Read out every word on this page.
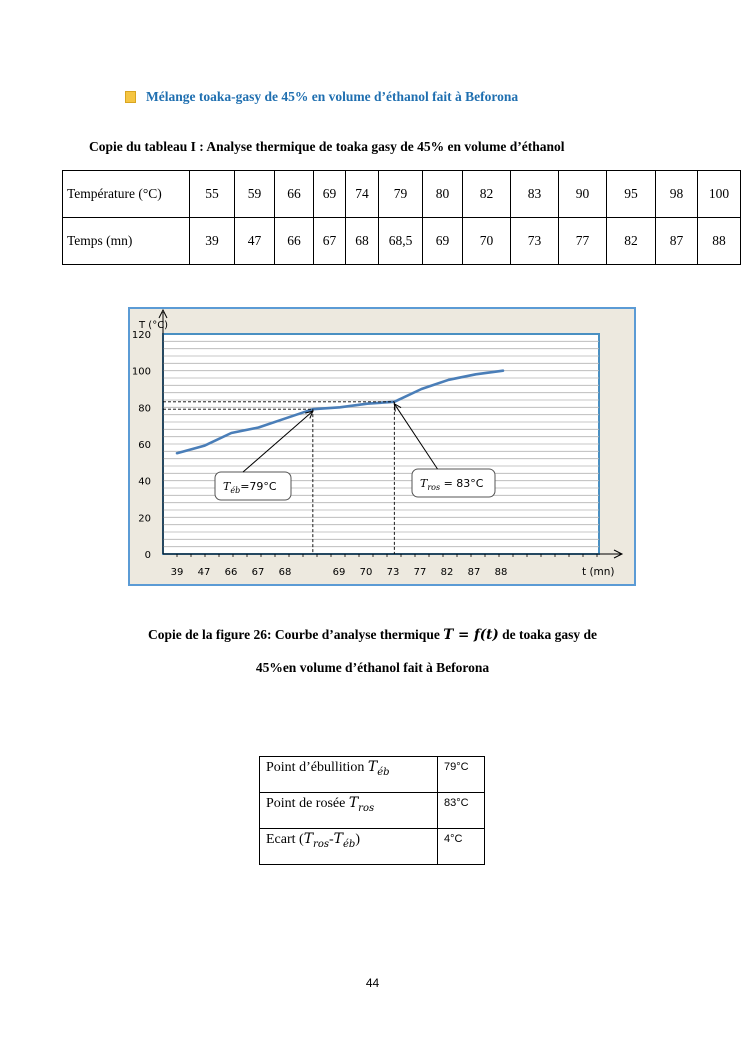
Mélange toaka-gasy de 45% en volume d’éthanol fait à Beforona
Copie du tableau I : Analyse thermique de toaka gasy de 45% en volume d’éthanol
Température (°C)	55	59	66	69	74	79	80	82	83	90	95	98	100
Temps (mn)	39	47	66	67	68	68,5	69	70	73	77	82	87	88
0
20
40
60
80
100
120
T (°C)
t (mn)
39 47 66 67 68	69 70 73 77 82 87 88
$T_{éb}=79^\circ C$	$T_{ros} = 83^\circ C$
Copie de la figure 26: Courbe d’analyse thermique T = f(t) de toaka gasy de
45%en volume d’éthanol fait à Beforona
Point d’ébullition $T_{éb}$	79°C
Point de rosée $T_{ros}$	83°C
Ecart $(T_{ros}-T_{éb})$	4°C
44
